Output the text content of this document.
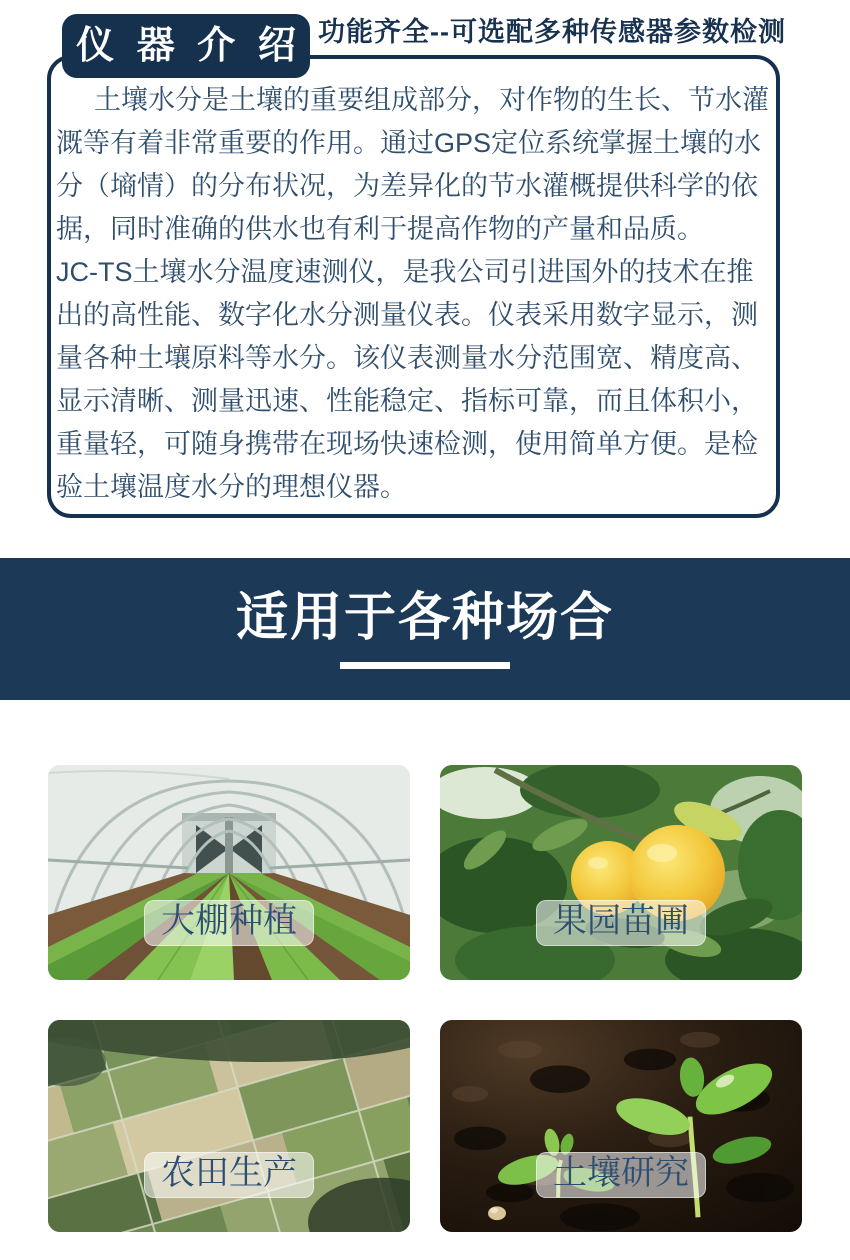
仪 器 介 绍 功能齐全--可选配多种传感器参数检测

土壤水分是土壤的重要组成部分，对作物的生长、节水灌溉等有着非常重要的作用。通过GPS定位系统掌握土壤的水分（墒情）的分布状况，为差异化的节水灌概提供科学的依据，同时准确的供水也有利于提高作物的产量和品质。

JC-TS土壤水分温度速测仪，是我公司引进国外的技术在推出的高性能、数字化水分测量仪表。仪表采用数字显示，测量各种土壤原料等水分。该仪表测量水分范围宽、精度高、显示清晰、测量迅速、性能稳定、指标可靠，而且体积小，重量轻，可随身携带在现场快速检测，使用简单方便。是检验土壤温度水分的理想仪器。

适用于各种场合
大棚种植	果园苗圃
农田生产	土壤研究
